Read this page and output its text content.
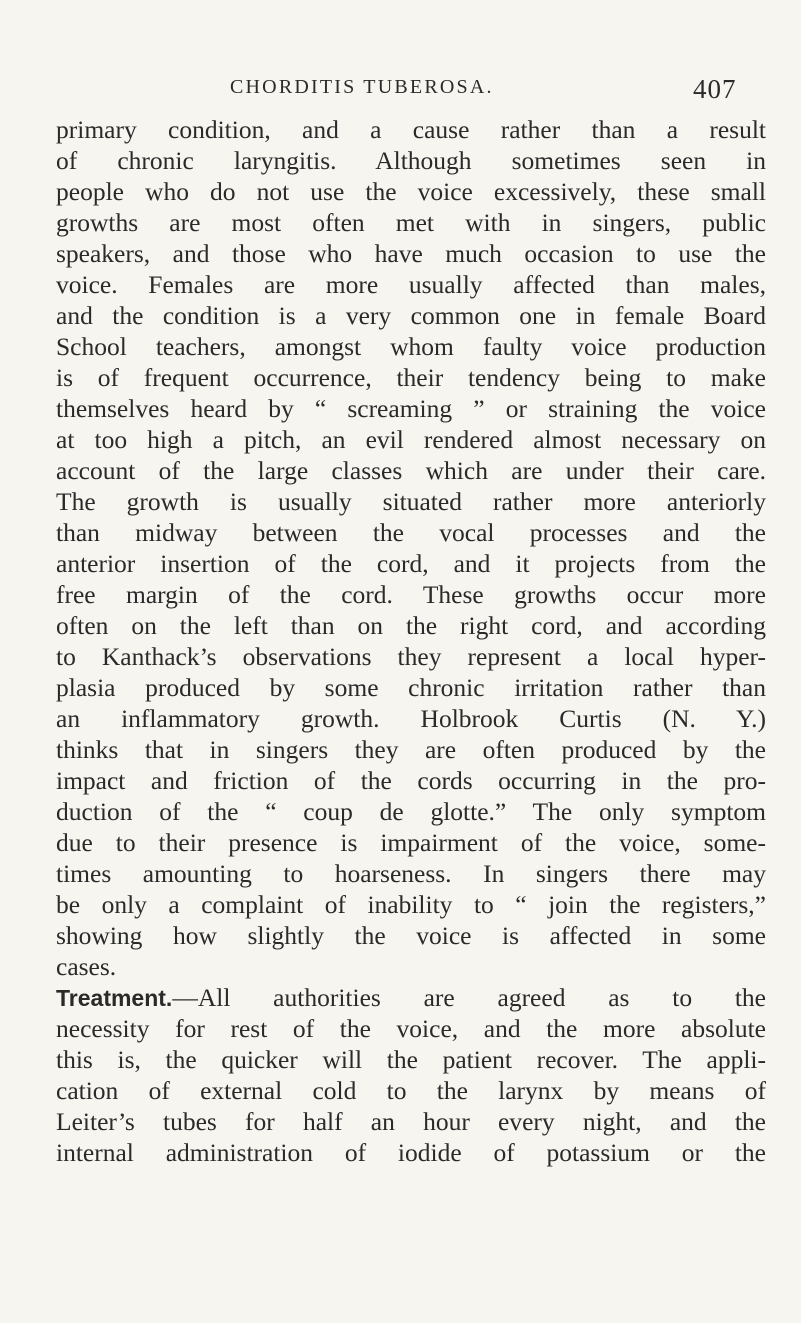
CHORDITIS TUBEROSA.	407
primary condition, and a cause rather than a result
of chronic laryngitis. Although sometimes seen in
people who do not use the voice excessively, these small
growths are most often met with in singers, public
speakers, and those who have much occasion to use the
voice. Females are more usually affected than males,
and the condition is a very common one in female Board
School teachers, amongst whom faulty voice production
is of frequent occurrence, their tendency being to make
themselves heard by “ screaming ” or straining the voice
at too high a pitch, an evil rendered almost necessary on
account of the large classes which are under their care.
The growth is usually situated rather more anteriorly
than midway between the vocal processes and the
anterior insertion of the cord, and it projects from the
free margin of the cord. These growths occur more
often on the left than on the right cord, and according
to Kanthack’s observations they represent a local hyper-
plasia produced by some chronic irritation rather than
an inflammatory growth. Holbrook Curtis (N. Y.)
thinks that in singers they are often produced by the
impact and friction of the cords occurring in the pro-
duction of the “ coup de glotte.” The only symptom
due to their presence is impairment of the voice, some-
times amounting to hoarseness. In singers there may
be only a complaint of inability to “ join the registers,”
showing how slightly the voice is affected in some
cases.
Treatment.—All authorities are agreed as to the
necessity for rest of the voice, and the more absolute
this is, the quicker will the patient recover. The appli-
cation of external cold to the larynx by means of
Leiter’s tubes for half an hour every night, and the
internal administration of iodide of potassium or the
